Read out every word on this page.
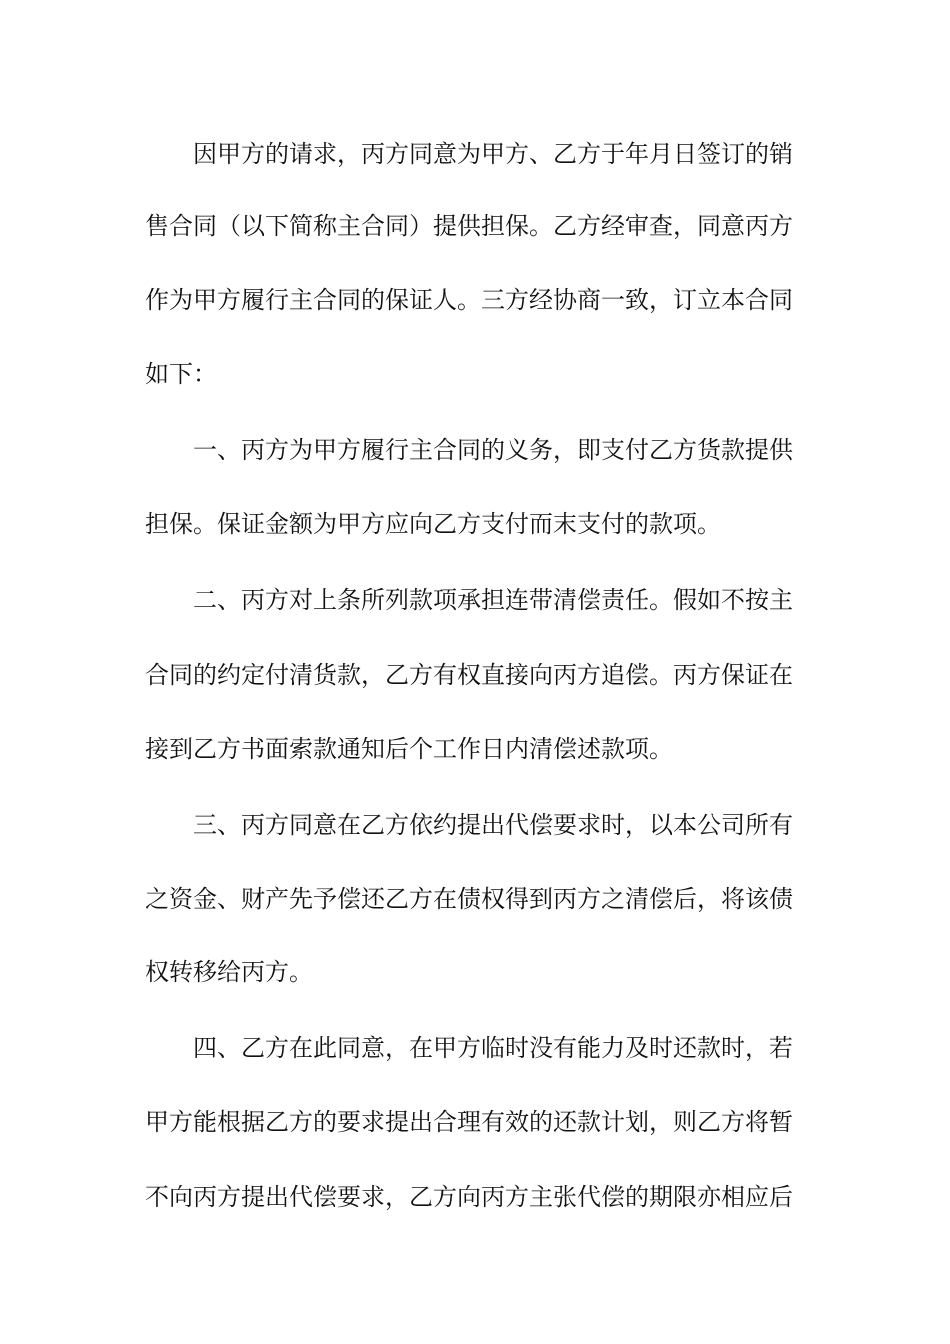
因甲方的请求，丙方同意为甲方、乙方于年月日签订的销
售合同（以下简称主合同）提供担保。乙方经审查，同意丙方
作为甲方履行主合同的保证人。三方经协商一致，订立本合同
如下：
一、丙方为甲方履行主合同的义务，即支付乙方货款提供
担保。保证金额为甲方应向乙方支付而末支付的款项。
二、丙方对上条所列款项承担连带清偿责任。假如不按主
合同的约定付清货款，乙方有权直接向丙方追偿。丙方保证在
接到乙方书面索款通知后个工作日内清偿述款项。
三、丙方同意在乙方依约提出代偿要求时，以本公司所有
之资金、财产先予偿还乙方在债权得到丙方之清偿后，将该债
权转移给丙方。
四、乙方在此同意，在甲方临时没有能力及时还款时，若
甲方能根据乙方的要求提出合理有效的还款计划，则乙方将暂
不向丙方提出代偿要求，乙方向丙方主张代偿的期限亦相应后
